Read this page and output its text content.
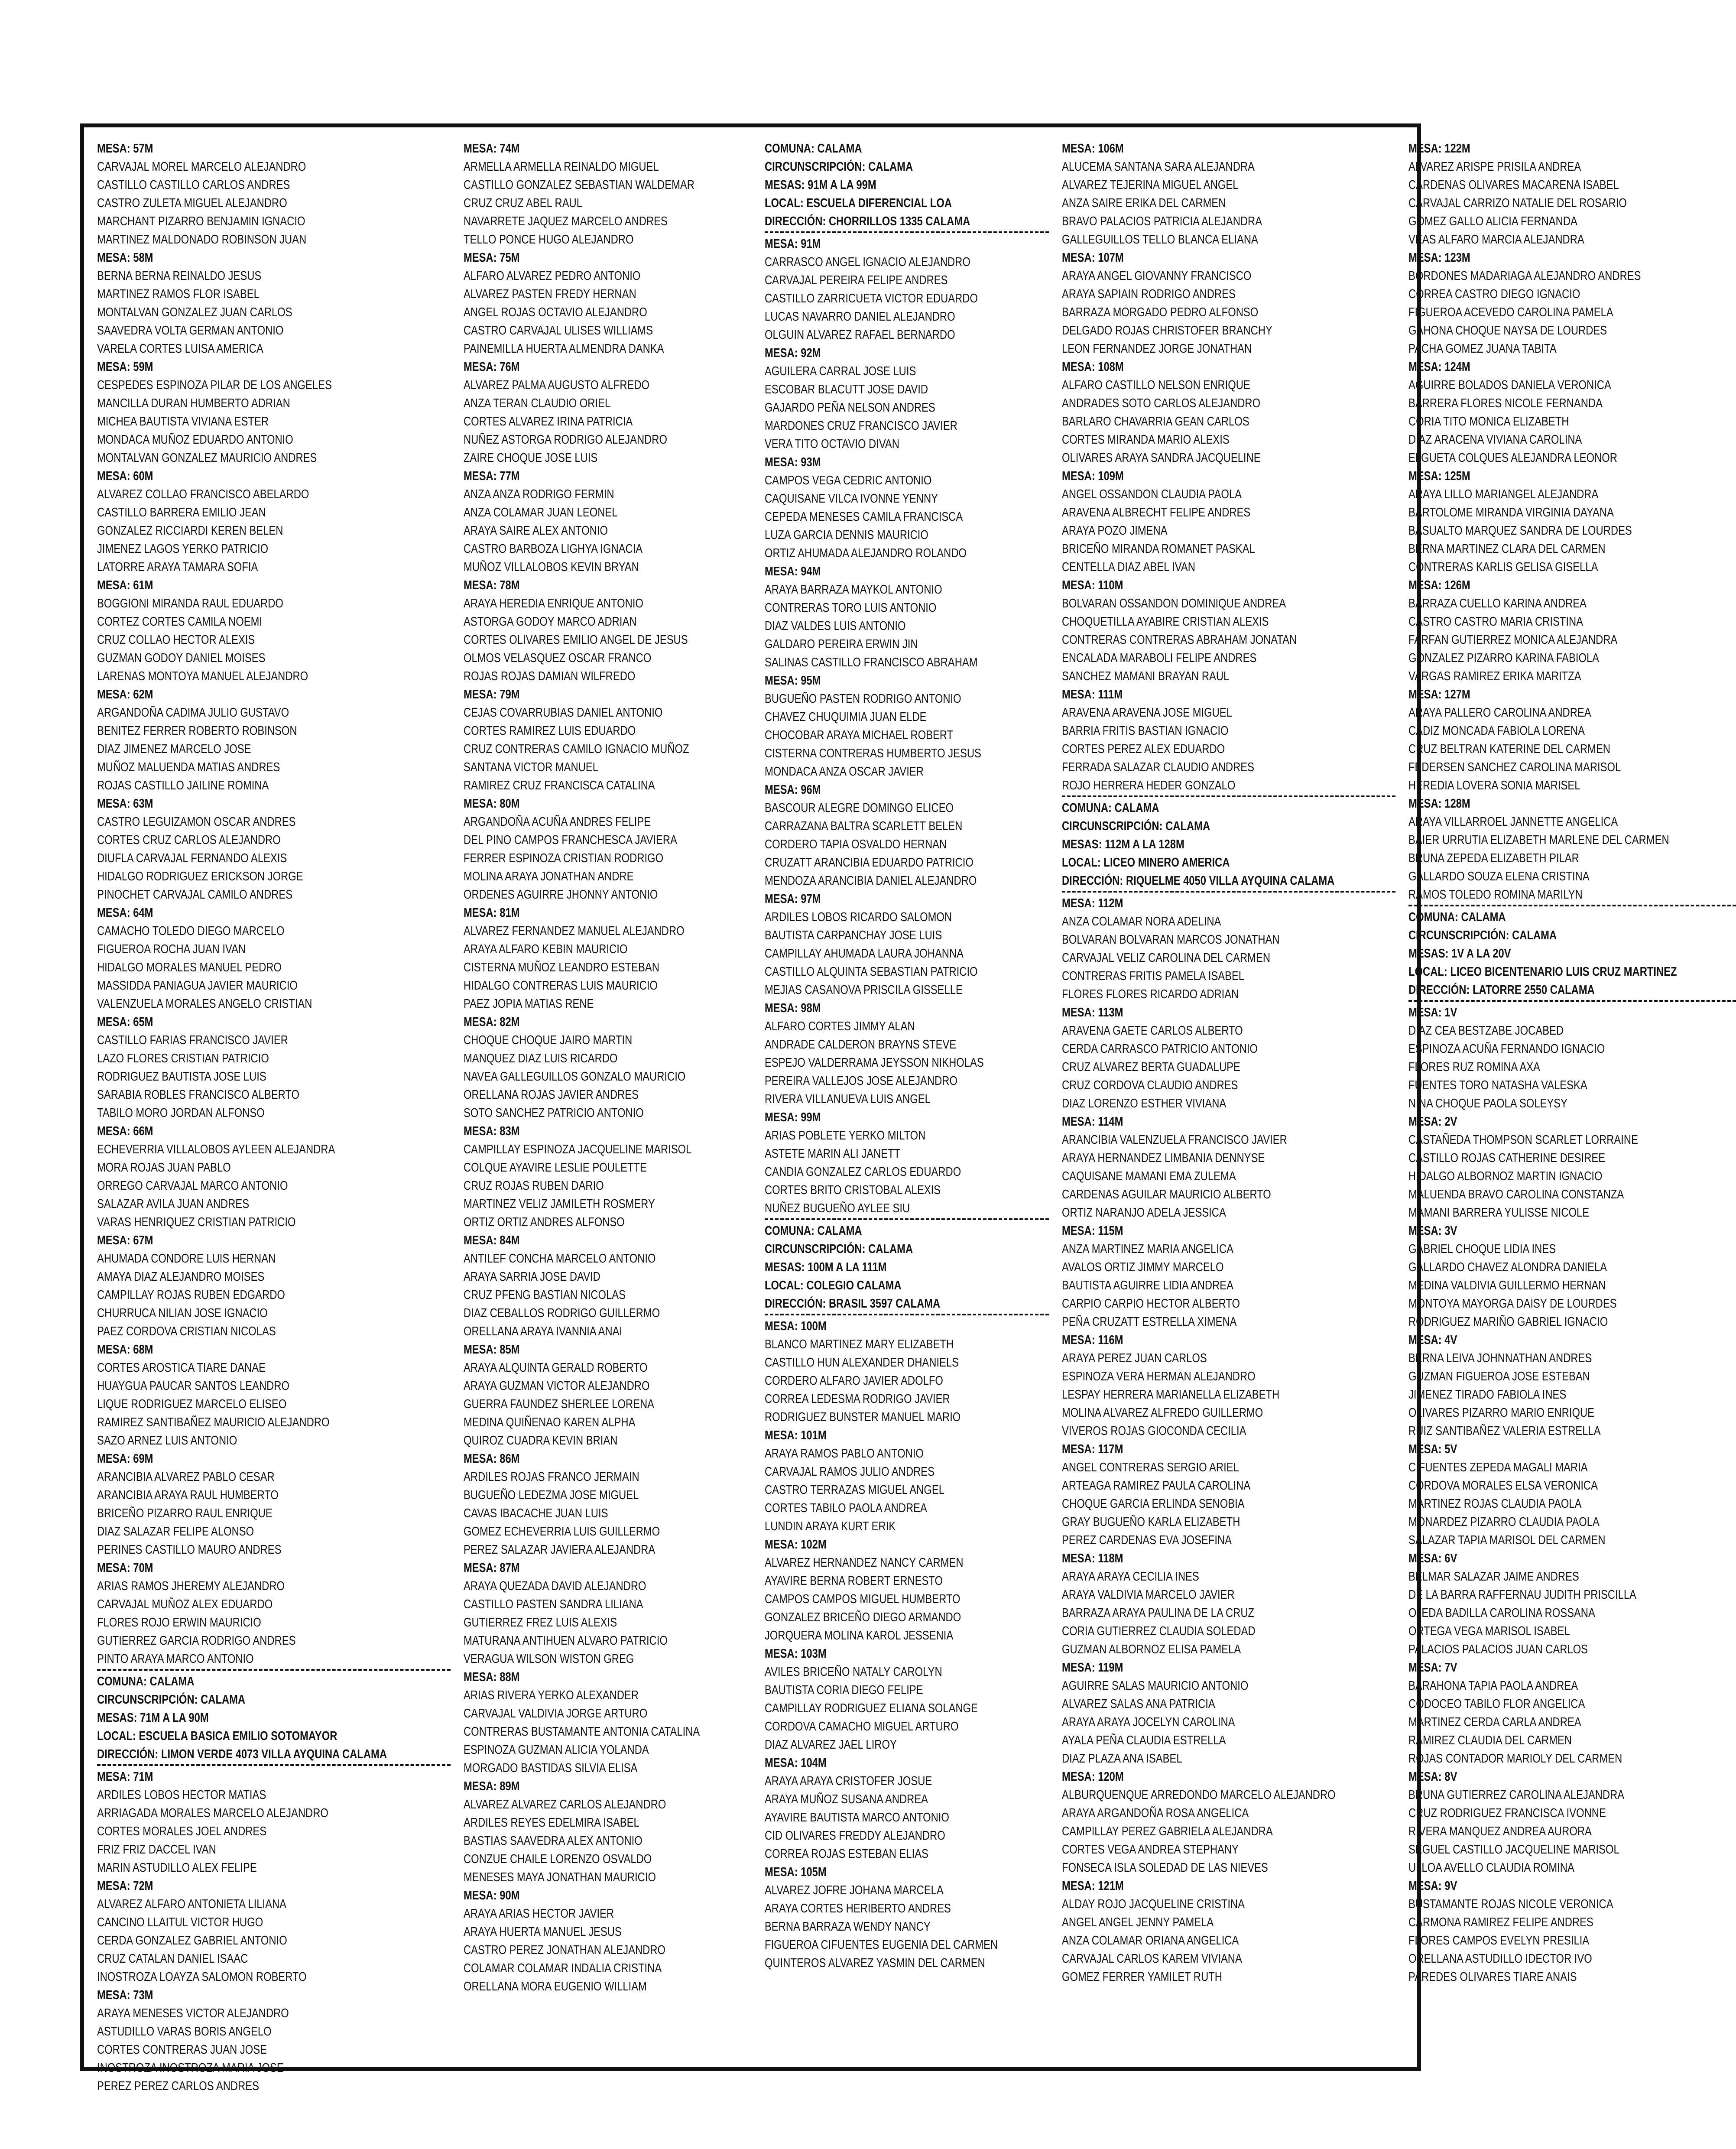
MESA: 57M
CARVAJAL MOREL MARCELO ALEJANDRO
CASTILLO CASTILLO CARLOS ANDRES
CASTRO ZULETA MIGUEL ALEJANDRO
MARCHANT PIZARRO BENJAMIN IGNACIO
MARTINEZ MALDONADO ROBINSON JUAN
MESA: 58M
BERNA BERNA REINALDO JESUS
MARTINEZ RAMOS FLOR ISABEL
MONTALVAN GONZALEZ JUAN CARLOS
SAAVEDRA VOLTA GERMAN ANTONIO
VARELA CORTES LUISA AMERICA
MESA: 59M
CESPEDES ESPINOZA PILAR DE LOS ANGELES
MANCILLA DURAN HUMBERTO ADRIAN
MICHEA BAUTISTA VIVIANA ESTER
MONDACA MUÑOZ EDUARDO ANTONIO
MONTALVAN GONZALEZ MAURICIO ANDRES
MESA: 60M
ALVAREZ COLLAO FRANCISCO ABELARDO
CASTILLO BARRERA EMILIO JEAN
GONZALEZ RICCIARDI KEREN BELEN
JIMENEZ LAGOS YERKO PATRICIO
LATORRE ARAYA TAMARA SOFIA
MESA: 61M
BOGGIONI MIRANDA RAUL EDUARDO
CORTEZ CORTES CAMILA NOEMI
CRUZ COLLAO HECTOR ALEXIS
GUZMAN GODOY DANIEL MOISES
LARENAS MONTOYA MANUEL ALEJANDRO
MESA: 62M
ARGANDOÑA CADIMA JULIO GUSTAVO
BENITEZ FERRER ROBERTO ROBINSON
DIAZ JIMENEZ MARCELO JOSE
MUÑOZ MALUENDA MATIAS ANDRES
ROJAS CASTILLO JAILINE ROMINA
MESA: 63M
CASTRO LEGUIZAMON OSCAR ANDRES
CORTES CRUZ CARLOS ALEJANDRO
DIUFLA CARVAJAL FERNANDO ALEXIS
HIDALGO RODRIGUEZ ERICKSON JORGE
PINOCHET CARVAJAL CAMILO ANDRES
MESA: 64M
CAMACHO TOLEDO DIEGO MARCELO
FIGUEROA ROCHA JUAN IVAN
HIDALGO MORALES MANUEL PEDRO
MASSIDDA PANIAGUA JAVIER MAURICIO
VALENZUELA MORALES ANGELO CRISTIAN
MESA: 65M
CASTILLO FARIAS FRANCISCO JAVIER
LAZO FLORES CRISTIAN PATRICIO
RODRIGUEZ BAUTISTA JOSE LUIS
SARABIA ROBLES FRANCISCO ALBERTO
TABILO MORO JORDAN ALFONSO
MESA: 66M
ECHEVERRIA VILLALOBOS AYLEEN ALEJANDRA
MORA ROJAS JUAN PABLO
ORREGO CARVAJAL MARCO ANTONIO
SALAZAR AVILA JUAN ANDRES
VARAS HENRIQUEZ CRISTIAN PATRICIO
MESA: 67M
AHUMADA CONDORE LUIS HERNAN
AMAYA DIAZ ALEJANDRO MOISES
CAMPILLAY ROJAS RUBEN EDGARDO
CHURRUCA NILIAN JOSE IGNACIO
PAEZ CORDOVA CRISTIAN NICOLAS
MESA: 68M
CORTES AROSTICA TIARE DANAE
HUAYGUA PAUCAR SANTOS LEANDRO
LIQUE RODRIGUEZ MARCELO ELISEO
RAMIREZ SANTIBAÑEZ MAURICIO ALEJANDRO
SAZO ARNEZ LUIS ANTONIO
MESA: 69M
ARANCIBIA ALVAREZ PABLO CESAR
ARANCIBIA ARAYA RAUL HUMBERTO
BRICEÑO PIZARRO RAUL ENRIQUE
DIAZ SALAZAR FELIPE ALONSO
PERINES CASTILLO MAURO ANDRES
MESA: 70M
ARIAS RAMOS JHEREMY ALEJANDRO
CARVAJAL MUÑOZ ALEX EDUARDO
FLORES ROJO ERWIN MAURICIO
GUTIERREZ GARCIA RODRIGO ANDRES
PINTO ARAYA MARCO ANTONIO
COMUNA: CALAMA
CIRCUNSCRIPCIÓN: CALAMA
MESAS: 71M A LA 90M
LOCAL: ESCUELA BASICA EMILIO SOTOMAYOR
DIRECCIÓN: LIMON VERDE 4073 VILLA AYQUINA CALAMA
MESA: 71M
ARDILES LOBOS HECTOR MATIAS
ARRIAGADA MORALES MARCELO ALEJANDRO
CORTES MORALES JOEL ANDRES
FRIZ FRIZ DACCEL IVAN
MARIN ASTUDILLO ALEX FELIPE
MESA: 72M
ALVAREZ ALFARO ANTONIETA LILIANA
CANCINO LLAITUL VICTOR HUGO
CERDA GONZALEZ GABRIEL ANTONIO
CRUZ CATALAN DANIEL ISAAC
INOSTROZA LOAYZA SALOMON ROBERTO
MESA: 73M
ARAYA MENESES VICTOR ALEJANDRO
ASTUDILLO VARAS BORIS ANGELO
CORTES CONTRERAS JUAN JOSE
INOSTROZA INOSTROZA MARIA JOSE
PEREZ PEREZ CARLOS ANDRES
MESA: 74M
ARMELLA ARMELLA REINALDO MIGUEL
CASTILLO GONZALEZ SEBASTIAN WALDEMAR
CRUZ CRUZ ABEL RAUL
NAVARRETE JAQUEZ MARCELO ANDRES
TELLO PONCE HUGO ALEJANDRO
MESA: 75M
ALFARO ALVAREZ PEDRO ANTONIO
ALVAREZ PASTEN FREDY HERNAN
ANGEL ROJAS OCTAVIO ALEJANDRO
CASTRO CARVAJAL ULISES WILLIAMS
PAINEMILLA HUERTA ALMENDRA DANKA
MESA: 76M
ALVAREZ PALMA AUGUSTO ALFREDO
ANZA TERAN CLAUDIO ORIEL
CORTES ALVAREZ IRINA PATRICIA
NUÑEZ ASTORGA RODRIGO ALEJANDRO
ZAIRE CHOQUE JOSE LUIS
MESA: 77M
ANZA ANZA RODRIGO FERMIN
ANZA COLAMAR JUAN LEONEL
ARAYA SAIRE ALEX ANTONIO
CASTRO BARBOZA LIGHYA IGNACIA
MUÑOZ VILLALOBOS KEVIN BRYAN
MESA: 78M
ARAYA HEREDIA ENRIQUE ANTONIO
ASTORGA GODOY MARCO ADRIAN
CORTES OLIVARES EMILIO ANGEL DE JESUS
OLMOS VELASQUEZ OSCAR FRANCO
ROJAS ROJAS DAMIAN WILFREDO
MESA: 79M
CEJAS COVARRUBIAS DANIEL ANTONIO
CORTES RAMIREZ LUIS EDUARDO
CRUZ CONTRERAS CAMILO IGNACIO MUÑOZ
SANTANA VICTOR MANUEL
RAMIREZ CRUZ FRANCISCA CATALINA
MESA: 80M
ARGANDOÑA ACUÑA ANDRES FELIPE
DEL PINO CAMPOS FRANCHESCA JAVIERA
FERRER ESPINOZA CRISTIAN RODRIGO
MOLINA ARAYA JONATHAN ANDRE
ORDENES AGUIRRE JHONNY ANTONIO
MESA: 81M
ALVAREZ FERNANDEZ MANUEL ALEJANDRO
ARAYA ALFARO KEBIN MAURICIO
CISTERNA MUÑOZ LEANDRO ESTEBAN
HIDALGO CONTRERAS LUIS MAURICIO
PAEZ JOPIA MATIAS RENE
MESA: 82M
CHOQUE CHOQUE JAIRO MARTIN
MANQUEZ DIAZ LUIS RICARDO
NAVEA GALLEGUILLOS GONZALO MAURICIO
ORELLANA ROJAS JAVIER ANDRES
SOTO SANCHEZ PATRICIO ANTONIO
MESA: 83M
CAMPILLAY ESPINOZA JACQUELINE MARISOL
COLQUE AYAVIRE LESLIE POULETTE
CRUZ ROJAS RUBEN DARIO
MARTINEZ VELIZ JAMILETH ROSMERY
ORTIZ ORTIZ ANDRES ALFONSO
MESA: 84M
ANTILEF CONCHA MARCELO ANTONIO
ARAYA SARRIA JOSE DAVID
CRUZ PFENG BASTIAN NICOLAS
DIAZ CEBALLOS RODRIGO GUILLERMO
ORELLANA ARAYA IVANNIA ANAI
MESA: 85M
ARAYA ALQUINTA GERALD ROBERTO
ARAYA GUZMAN VICTOR ALEJANDRO
GUERRA FAUNDEZ SHERLEE LORENA
MEDINA QUIÑENAO KAREN ALPHA
QUIROZ CUADRA KEVIN BRIAN
MESA: 86M
ARDILES ROJAS FRANCO JERMAIN
BUGUEÑO LEDEZMA JOSE MIGUEL
CAVAS IBACACHE JUAN LUIS
GOMEZ ECHEVERRIA LUIS GUILLERMO
PEREZ SALAZAR JAVIERA ALEJANDRA
MESA: 87M
ARAYA QUEZADA DAVID ALEJANDRO
CASTILLO PASTEN SANDRA LILIANA
GUTIERREZ FREZ LUIS ALEXIS
MATURANA ANTIHUEN ALVARO PATRICIO
VERAGUA WILSON WISTON GREG
MESA: 88M
ARIAS RIVERA YERKO ALEXANDER
CARVAJAL VALDIVIA JORGE ARTURO
CONTRERAS BUSTAMANTE ANTONIA CATALINA
ESPINOZA GUZMAN ALICIA YOLANDA
MORGADO BASTIDAS SILVIA ELISA
MESA: 89M
ALVAREZ ALVAREZ CARLOS ALEJANDRO
ARDILES REYES EDELMIRA ISABEL
BASTIAS SAAVEDRA ALEX ANTONIO
CONZUE CHAILE LORENZO OSVALDO
MENESES MAYA JONATHAN MAURICIO
MESA: 90M
ARAYA ARIAS HECTOR JAVIER
ARAYA HUERTA MANUEL JESUS
CASTRO PEREZ JONATHAN ALEJANDRO
COLAMAR COLAMAR INDALIA CRISTINA
ORELLANA MORA EUGENIO WILLIAM
COMUNA: CALAMA
CIRCUNSCRIPCIÓN: CALAMA
MESAS: 91M A LA 99M
LOCAL: ESCUELA DIFERENCIAL LOA
DIRECCIÓN: CHORRILLOS 1335 CALAMA
MESA: 91M
CARRASCO ANGEL IGNACIO ALEJANDRO
CARVAJAL PEREIRA FELIPE ANDRES
CASTILLO ZARRICUETA VICTOR EDUARDO
LUCAS NAVARRO DANIEL ALEJANDRO
OLGUIN ALVAREZ RAFAEL BERNARDO
MESA: 92M
AGUILERA CARRAL JOSE LUIS
ESCOBAR BLACUTT JOSE DAVID
GAJARDO PEÑA NELSON ANDRES
MARDONES CRUZ FRANCISCO JAVIER
VERA TITO OCTAVIO DIVAN
MESA: 93M
CAMPOS VEGA CEDRIC ANTONIO
CAQUISANE VILCA IVONNE YENNY
CEPEDA MENESES CAMILA FRANCISCA
LUZA GARCIA DENNIS MAURICIO
ORTIZ AHUMADA ALEJANDRO ROLANDO
MESA: 94M
ARAYA BARRAZA MAYKOL ANTONIO
CONTRERAS TORO LUIS ANTONIO
DIAZ VALDES LUIS ANTONIO
GALDARO PEREIRA ERWIN JIN
SALINAS CASTILLO FRANCISCO ABRAHAM
MESA: 95M
BUGUEÑO PASTEN RODRIGO ANTONIO
CHAVEZ CHUQUIMIA JUAN ELDE
CHOCOBAR ARAYA MICHAEL ROBERT
CISTERNA CONTRERAS HUMBERTO JESUS
MONDACA ANZA OSCAR JAVIER
MESA: 96M
BASCOUR ALEGRE DOMINGO ELICEO
CARRAZANA BALTRA SCARLETT BELEN
CORDERO TAPIA OSVALDO HERNAN
CRUZATT ARANCIBIA EDUARDO PATRICIO
MENDOZA ARANCIBIA DANIEL ALEJANDRO
MESA: 97M
ARDILES LOBOS RICARDO SALOMON
BAUTISTA CARPANCHAY JOSE LUIS
CAMPILLAY AHUMADA LAURA JOHANNA
CASTILLO ALQUINTA SEBASTIAN PATRICIO
MEJIAS CASANOVA PRISCILA GISSELLE
MESA: 98M
ALFARO CORTES JIMMY ALAN
ANDRADE CALDERON BRAYNS STEVE
ESPEJO VALDERRAMA JEYSSON NIKHOLAS
PEREIRA VALLEJOS JOSE ALEJANDRO
RIVERA VILLANUEVA LUIS ANGEL
MESA: 99M
ARIAS POBLETE YERKO MILTON
ASTETE MARIN ALI JANETT
CANDIA GONZALEZ CARLOS EDUARDO
CORTES BRITO CRISTOBAL ALEXIS
NUÑEZ BUGUEÑO AYLEE SIU
COMUNA: CALAMA
CIRCUNSCRIPCIÓN: CALAMA
MESAS: 100M A LA 111M
LOCAL: COLEGIO CALAMA
DIRECCIÓN: BRASIL 3597 CALAMA
MESA: 100M
BLANCO MARTINEZ MARY ELIZABETH
CASTILLO HUN ALEXANDER DHANIELS
CORDERO ALFARO JAVIER ADOLFO
CORREA LEDESMA RODRIGO JAVIER
RODRIGUEZ BUNSTER MANUEL MARIO
MESA: 101M
ARAYA RAMOS PABLO ANTONIO
CARVAJAL RAMOS JULIO ANDRES
CASTRO TERRAZAS MIGUEL ANGEL
CORTES TABILO PAOLA ANDREA
LUNDIN ARAYA KURT ERIK
MESA: 102M
ALVAREZ HERNANDEZ NANCY CARMEN
AYAVIRE BERNA ROBERT ERNESTO
CAMPOS CAMPOS MIGUEL HUMBERTO
GONZALEZ BRICEÑO DIEGO ARMANDO
JORQUERA MOLINA KAROL JESSENIA
MESA: 103M
AVILES BRICEÑO NATALY CAROLYN
BAUTISTA CORIA DIEGO FELIPE
CAMPILLAY RODRIGUEZ ELIANA SOLANGE
CORDOVA CAMACHO MIGUEL ARTURO
DIAZ ALVAREZ JAEL LIROY
MESA: 104M
ARAYA ARAYA CRISTOFER JOSUE
ARAYA MUÑOZ SUSANA ANDREA
AYAVIRE BAUTISTA MARCO ANTONIO
CID OLIVARES FREDDY ALEJANDRO
CORREA ROJAS ESTEBAN ELIAS
MESA: 105M
ALVAREZ JOFRE JOHANA MARCELA
ARAYA CORTES HERIBERTO ANDRES
BERNA BARRAZA WENDY NANCY
FIGUEROA CIFUENTES EUGENIA DEL CARMEN
QUINTEROS ALVAREZ YASMIN DEL CARMEN
MESA: 106M
ALUCEMA SANTANA SARA ALEJANDRA
ALVAREZ TEJERINA MIGUEL ANGEL
ANZA SAIRE ERIKA DEL CARMEN
BRAVO PALACIOS PATRICIA ALEJANDRA
GALLEGUILLOS TELLO BLANCA ELIANA
MESA: 107M
ARAYA ANGEL GIOVANNY FRANCISCO
ARAYA SAPIAIN RODRIGO ANDRES
BARRAZA MORGADO PEDRO ALFONSO
DELGADO ROJAS CHRISTOFER BRANCHY
LEON FERNANDEZ JORGE JONATHAN
MESA: 108M
ALFARO CASTILLO NELSON ENRIQUE
ANDRADES SOTO CARLOS ALEJANDRO
BARLARO CHAVARRIA GEAN CARLOS
CORTES MIRANDA MARIO ALEXIS
OLIVARES ARAYA SANDRA JACQUELINE
MESA: 109M
ANGEL OSSANDON CLAUDIA PAOLA
ARAVENA ALBRECHT FELIPE ANDRES
ARAYA POZO JIMENA
BRICEÑO MIRANDA ROMANET PASKAL
CENTELLA DIAZ ABEL IVAN
MESA: 110M
BOLVARAN OSSANDON DOMINIQUE ANDREA
CHOQUETILLA AYABIRE CRISTIAN ALEXIS
CONTRERAS CONTRERAS ABRAHAM JONATAN
ENCALADA MARABOLI FELIPE ANDRES
SANCHEZ MAMANI BRAYAN RAUL
MESA: 111M
ARAVENA ARAVENA JOSE MIGUEL
BARRIA FRITIS BASTIAN IGNACIO
CORTES PEREZ ALEX EDUARDO
FERRADA SALAZAR CLAUDIO ANDRES
ROJO HERRERA HEDER GONZALO
COMUNA: CALAMA
CIRCUNSCRIPCIÓN: CALAMA
MESAS: 112M A LA 128M
LOCAL: LICEO MINERO AMERICA
DIRECCIÓN: RIQUELME 4050 VILLA AYQUINA CALAMA
MESA: 112M
ANZA COLAMAR NORA ADELINA
BOLVARAN BOLVARAN MARCOS JONATHAN
CARVAJAL VELIZ CAROLINA DEL CARMEN
CONTRERAS FRITIS PAMELA ISABEL
FLORES FLORES RICARDO ADRIAN
MESA: 113M
ARAVENA GAETE CARLOS ALBERTO
CERDA CARRASCO PATRICIO ANTONIO
CRUZ ALVAREZ BERTA GUADALUPE
CRUZ CORDOVA CLAUDIO ANDRES
DIAZ LORENZO ESTHER VIVIANA
MESA: 114M
ARANCIBIA VALENZUELA FRANCISCO JAVIER
ARAYA HERNANDEZ LIMBANIA DENNYSE
CAQUISANE MAMANI EMA ZULEMA
CARDENAS AGUILAR MAURICIO ALBERTO
ORTIZ NARANJO ADELA JESSICA
MESA: 115M
ANZA MARTINEZ MARIA ANGELICA
AVALOS ORTIZ JIMMY MARCELO
BAUTISTA AGUIRRE LIDIA ANDREA
CARPIO CARPIO HECTOR ALBERTO
PEÑA CRUZATT ESTRELLA XIMENA
MESA: 116M
ARAYA PEREZ JUAN CARLOS
ESPINOZA VERA HERMAN ALEJANDRO
LESPAY HERRERA MARIANELLA ELIZABETH
MOLINA ALVAREZ ALFREDO GUILLERMO
VIVEROS ROJAS GIOCONDA CECILIA
MESA: 117M
ANGEL CONTRERAS SERGIO ARIEL
ARTEAGA RAMIREZ PAULA CAROLINA
CHOQUE GARCIA ERLINDA SENOBIA
GRAY BUGUEÑO KARLA ELIZABETH
PEREZ CARDENAS EVA JOSEFINA
MESA: 118M
ARAYA ARAYA CECILIA INES
ARAYA VALDIVIA MARCELO JAVIER
BARRAZA ARAYA PAULINA DE LA CRUZ
CORIA GUTIERREZ CLAUDIA SOLEDAD
GUZMAN ALBORNOZ ELISA PAMELA
MESA: 119M
AGUIRRE SALAS MAURICIO ANTONIO
ALVAREZ SALAS ANA PATRICIA
ARAYA ARAYA JOCELYN CAROLINA
AYALA PEÑA CLAUDIA ESTRELLA
DIAZ PLAZA ANA ISABEL
MESA: 120M
ALBURQUENQUE ARREDONDO MARCELO ALEJANDRO
ARAYA ARGANDOÑA ROSA ANGELICA
CAMPILLAY PEREZ GABRIELA ALEJANDRA
CORTES VEGA ANDREA STEPHANY
FONSECA ISLA SOLEDAD DE LAS NIEVES
MESA: 121M
ALDAY ROJO JACQUELINE CRISTINA
ANGEL ANGEL JENNY PAMELA
ANZA COLAMAR ORIANA ANGELICA
CARVAJAL CARLOS KAREM VIVIANA
GOMEZ FERRER YAMILET RUTH
MESA: 122M
ALVAREZ ARISPE PRISILA ANDREA
CARDENAS OLIVARES MACARENA ISABEL
CARVAJAL CARRIZO NATALIE DEL ROSARIO
GOMEZ GALLO ALICIA FERNANDA
VEAS ALFARO MARCIA ALEJANDRA
MESA: 123M
BORDONES MADARIAGA ALEJANDRO ANDRES
CORREA CASTRO DIEGO IGNACIO
FIGUEROA ACEVEDO CAROLINA PAMELA
GAHONA CHOQUE NAYSA DE LOURDES
PACHA GOMEZ JUANA TABITA
MESA: 124M
AGUIRRE BOLADOS DANIELA VERONICA
BARRERA FLORES NICOLE FERNANDA
CORIA TITO MONICA ELIZABETH
DIAZ ARACENA VIVIANA CAROLINA
ELGUETA COLQUES ALEJANDRA LEONOR
MESA: 125M
ARAYA LILLO MARIANGEL ALEJANDRA
BARTOLOME MIRANDA VIRGINIA DAYANA
BASUALTO MARQUEZ SANDRA DE LOURDES
BERNA MARTINEZ CLARA DEL CARMEN
CONTRERAS KARLIS GELISA GISELLA
MESA: 126M
BARRAZA CUELLO KARINA ANDREA
CASTRO CASTRO MARIA CRISTINA
FARFAN GUTIERREZ MONICA ALEJANDRA
GONZALEZ PIZARRO KARINA FABIOLA
VARGAS RAMIREZ ERIKA MARITZA
MESA: 127M
ARAYA PALLERO CAROLINA ANDREA
CADIZ MONCADA FABIOLA LORENA
CRUZ BELTRAN KATERINE DEL CARMEN
FEDERSEN SANCHEZ CAROLINA MARISOL
HEREDIA LOVERA SONIA MARISEL
MESA: 128M
ARAYA VILLARROEL JANNETTE ANGELICA
BAIER URRUTIA ELIZABETH MARLENE DEL CARMEN
BRUNA ZEPEDA ELIZABETH PILAR
GALLARDO SOUZA ELENA CRISTINA
RAMOS TOLEDO ROMINA MARILYN
COMUNA: CALAMA
CIRCUNSCRIPCIÓN: CALAMA
MESAS: 1V A LA 20V
LOCAL: LICEO BICENTENARIO LUIS CRUZ MARTINEZ
DIRECCIÓN: LATORRE 2550 CALAMA
MESA: 1V
DIAZ CEA BESTZABE JOCABED
ESPINOZA ACUÑA FERNANDO IGNACIO
FLORES RUZ ROMINA AXA
FUENTES TORO NATASHA VALESKA
NINA CHOQUE PAOLA SOLEYSY
MESA: 2V
CASTAÑEDA THOMPSON SCARLET LORRAINE
CASTILLO ROJAS CATHERINE DESIREE
HIDALGO ALBORNOZ MARTIN IGNACIO
MALUENDA BRAVO CAROLINA CONSTANZA
MAMANI BARRERA YULISSE NICOLE
MESA: 3V
GABRIEL CHOQUE LIDIA INES
GALLARDO CHAVEZ ALONDRA DANIELA
MEDINA VALDIVIA GUILLERMO HERNAN
MONTOYA MAYORGA DAISY DE LOURDES
RODRIGUEZ MARIÑO GABRIEL IGNACIO
MESA: 4V
BERNA LEIVA JOHNNATHAN ANDRES
GUZMAN FIGUEROA JOSE ESTEBAN
JIMENEZ TIRADO FABIOLA INES
OLIVARES PIZARRO MARIO ENRIQUE
RUIZ SANTIBAÑEZ VALERIA ESTRELLA
MESA: 5V
CIFUENTES ZEPEDA MAGALI MARIA
CORDOVA MORALES ELSA VERONICA
MARTINEZ ROJAS CLAUDIA PAOLA
MONARDEZ PIZARRO CLAUDIA PAOLA
SALAZAR TAPIA MARISOL DEL CARMEN
MESA: 6V
BELMAR SALAZAR JAIME ANDRES
DE LA BARRA RAFFERNAU JUDITH PRISCILLA
OJEDA BADILLA CAROLINA ROSSANA
ORTEGA VEGA MARISOL ISABEL
PALACIOS PALACIOS JUAN CARLOS
MESA: 7V
BARAHONA TAPIA PAOLA ANDREA
CODOCEO TABILO FLOR ANGELICA
MARTINEZ CERDA CARLA ANDREA
RAMIREZ CLAUDIA DEL CARMEN
ROJAS CONTADOR MARIOLY DEL CARMEN
MESA: 8V
BRUNA GUTIERREZ CAROLINA ALEJANDRA
CRUZ RODRIGUEZ FRANCISCA IVONNE
RIVERA MANQUEZ ANDREA AURORA
SEGUEL CASTILLO JACQUELINE MARISOL
ULLOA AVELLO CLAUDIA ROMINA
MESA: 9V
BUSTAMANTE ROJAS NICOLE VERONICA
CARMONA RAMIREZ FELIPE ANDRES
FLORES CAMPOS EVELYN PRESILIA
ORELLANA ASTUDILLO IDECTOR IVO
PAREDES OLIVARES TIARE ANAIS
